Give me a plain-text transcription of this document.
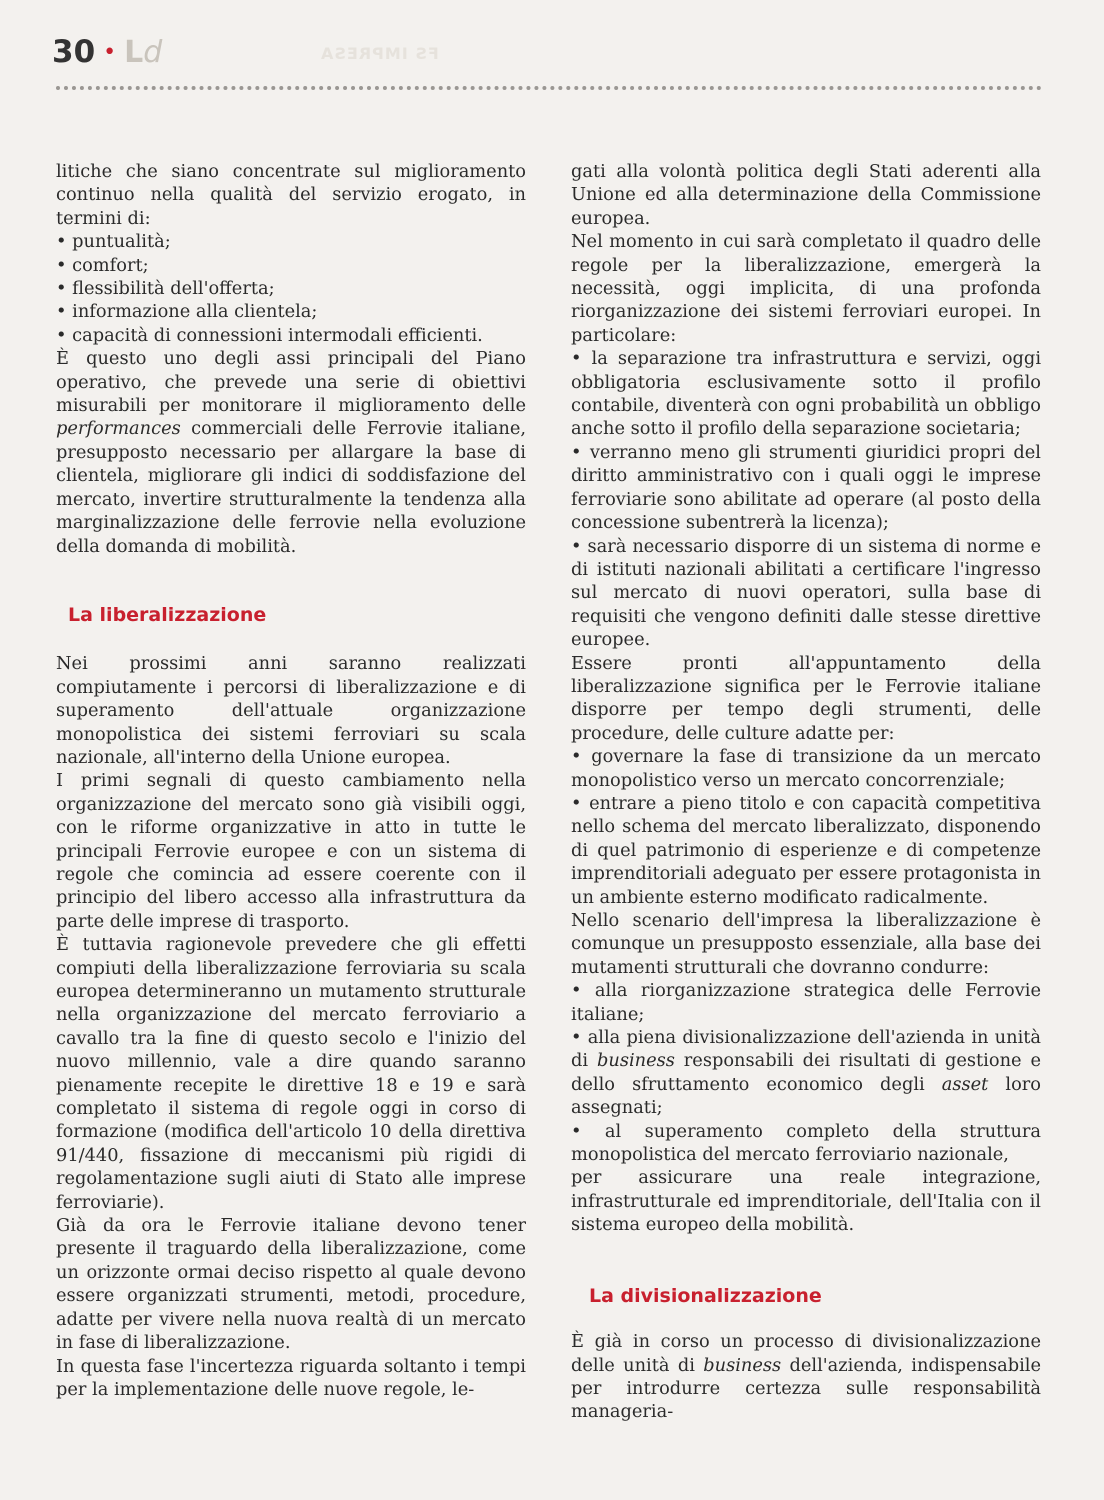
FS IMPRESA
30 • Ld

litiche che siano concentrate sul miglioramento continuo nella qualità del servizio erogato, in termini di:

• puntualità;

• comfort;

• flessibilità dell'offerta;

• informazione alla clientela;

• capacità di connessioni intermodali efficienti.

È questo uno degli assi principali del Piano operativo, che prevede una serie di obiettivi misurabili per monitorare il miglioramento delle performances commerciali delle Ferrovie italiane, presupposto necessario per allargare la base di clientela, migliorare gli indici di soddisfazione del mercato, invertire strutturalmente la tendenza alla marginalizzazione delle ferrovie nella evoluzione della domanda di mobilità.

La liberalizzazione

Nei prossimi anni saranno realizzati compiutamente i percorsi di liberalizzazione e di superamento dell'attuale organizzazione monopolistica dei sistemi ferroviari su scala nazionale, all'interno della Unione europea.

I primi segnali di questo cambiamento nella organizzazione del mercato sono già visibili oggi, con le riforme organizzative in atto in tutte le principali Ferrovie europee e con un sistema di regole che comincia ad essere coerente con il principio del libero accesso alla infrastruttura da parte delle imprese di trasporto.

È tuttavia ragionevole prevedere che gli effetti compiuti della liberalizzazione ferroviaria su scala europea determineranno un mutamento strutturale nella organizzazione del mercato ferroviario a cavallo tra la fine di questo secolo e l'inizio del nuovo millennio, vale a dire quando saranno pienamente recepite le direttive 18 e 19 e sarà completato il sistema di regole oggi in corso di formazione (modifica dell'articolo 10 della direttiva 91/440, fissazione di meccanismi più rigidi di regolamentazione sugli aiuti di Stato alle imprese ferroviarie).

Già da ora le Ferrovie italiane devono tener presente il traguardo della liberalizzazione, come un orizzonte ormai deciso rispetto al quale devono essere organizzati strumenti, metodi, procedure, adatte per vivere nella nuova realtà di un mercato in fase di liberalizzazione.

In questa fase l'incertezza riguarda soltanto i tempi per la implementazione delle nuove regole, le-

gati alla volontà politica degli Stati aderenti alla Unione ed alla determinazione della Commissione europea.

Nel momento in cui sarà completato il quadro delle regole per la liberalizzazione, emergerà la necessità, oggi implicita, di una profonda riorganizzazione dei sistemi ferroviari europei. In particolare:

• la separazione tra infrastruttura e servizi, oggi obbligatoria esclusivamente sotto il profilo contabile, diventerà con ogni probabilità un obbligo anche sotto il profilo della separazione societaria;

• verranno meno gli strumenti giuridici propri del diritto amministrativo con i quali oggi le imprese ferroviarie sono abilitate ad operare (al posto della concessione subentrerà la licenza);

• sarà necessario disporre di un sistema di norme e di istituti nazionali abilitati a certificare l'ingresso sul mercato di nuovi operatori, sulla base di requisiti che vengono definiti dalle stesse direttive europee.

Essere pronti all'appuntamento della liberalizzazione significa per le Ferrovie italiane disporre per tempo degli strumenti, delle procedure, delle culture adatte per:

• governare la fase di transizione da un mercato monopolistico verso un mercato concorrenziale;

• entrare a pieno titolo e con capacità competitiva nello schema del mercato liberalizzato, disponendo di quel patrimonio di esperienze e di competenze imprenditoriali adeguato per essere protagonista in un ambiente esterno modificato radicalmente.

Nello scenario dell'impresa la liberalizzazione è comunque un presupposto essenziale, alla base dei mutamenti strutturali che dovranno condurre:

• alla riorganizzazione strategica delle Ferrovie italiane;

• alla piena divisionalizzazione dell'azienda in unità di business responsabili dei risultati di gestione e dello sfruttamento economico degli asset loro assegnati;

• al superamento completo della struttura monopolistica del mercato ferroviario nazionale,

per assicurare una reale integrazione, infrastrutturale ed imprenditoriale, dell'Italia con il sistema europeo della mobilità.

La divisionalizzazione

È già in corso un processo di divisionalizzazione delle unità di business dell'azienda, indispensabile per introdurre certezza sulle responsabilità manageria-
